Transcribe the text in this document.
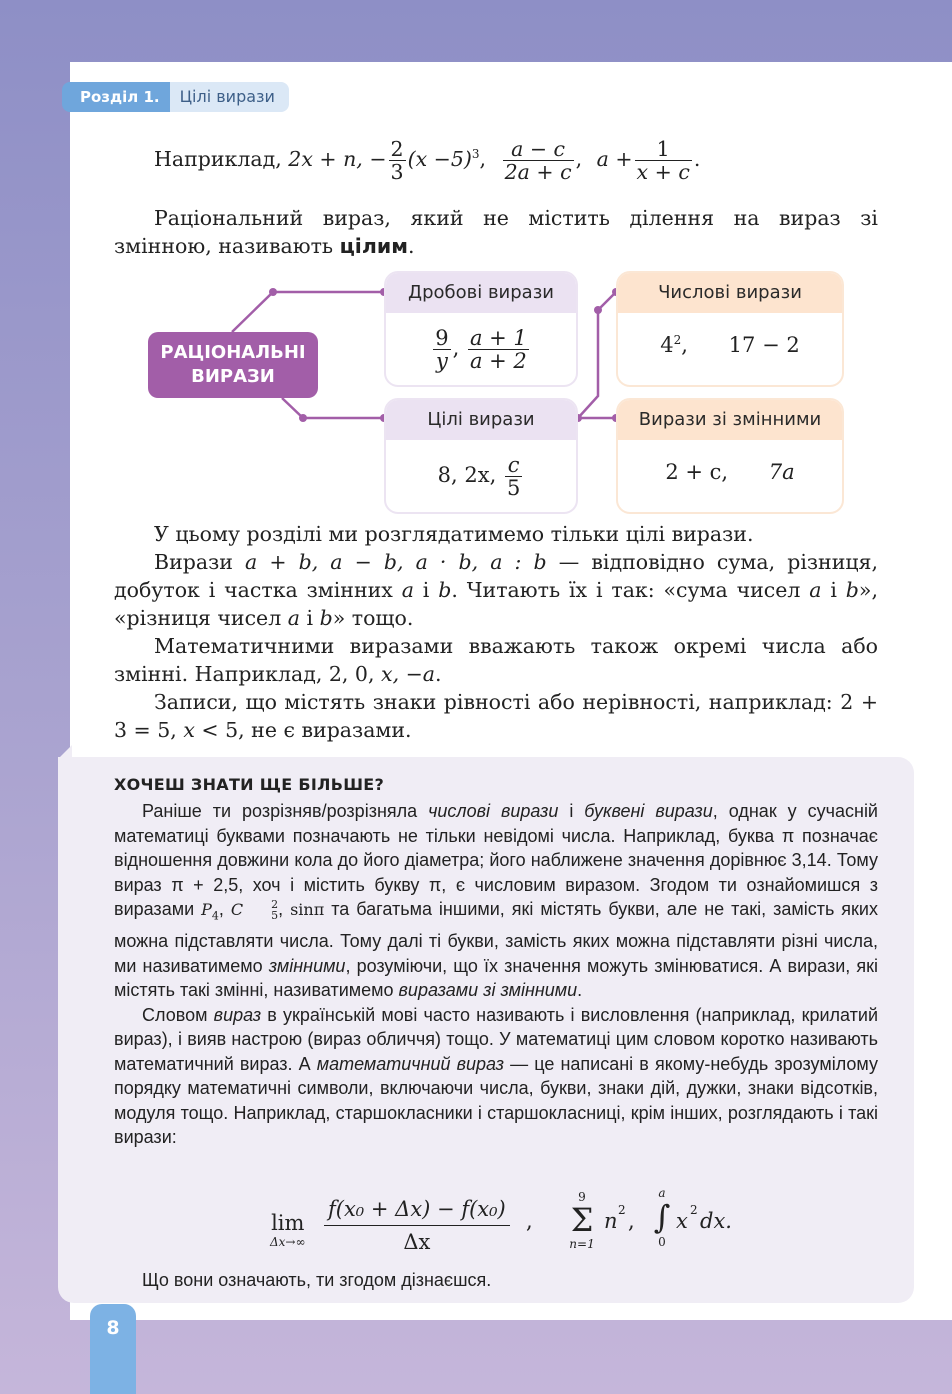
Розділ 1.	Цілі вирази
Наприклад, 2x + n, − $\frac{2}{3} (x -5)^3$, $\frac{a - c}{2a + c}$ , $a + \frac{1}{x + c}$ .

Раціональний вираз, який не містить ділення на вираз зі змінною, називають цілим.

РАЦІОНАЛЬНІ
ВИРАЗИ
Дробові вирази
$\frac{9}{y}$ , $\frac{a + 1}{a + 2}$
Цілі вирази
8, 2x, $\frac{c}{5}$
Числові вирази
$4^2$, 17 − 2
Вирази зі змінними
2 + c, 7a

У цьому розділі ми розглядатимемо тільки цілі вирази.

Вирази a + b, a − b, a · b, a : b — відповідно сума, різниця, добуток і частка змінних a і b. Читають їх і так: «сума чисел a і b», «різниця чисел a і b» тощо.

Математичними виразами вважають також окремі числа або змінні. Наприклад, 2, 0, x, −a.

Записи, що містять знаки рівності або нерівності, наприклад: 2 + 3 = 5, x < 5, не є виразами.

ХОЧЕШ ЗНАТИ ЩЕ БІЛЬШЕ?

Раніше ти розрізняв/розрізняла числові вирази і буквені вирази, однак у сучасній математиці буквами позначають не тільки невідомі числа. Наприклад, буква π позначає відношення довжини кола до його діаметра; його наближене значення дорівнює 3,14. Тому вираз π + 2,5, хоч і містить букву π, є числовим виразом. Згодом ти ознайомишся з виразами $P_4$, C	2
5 , sinπ та багатьма іншими, які містять букви, але не такі, замість яких можна підставляти числа. Тому далі ті букви, замість яких можна підставляти різні числа, ми називатимемо змінними, розуміючи, що їх значення можуть змінюватися. А вирази, які містять такі змінні, називатимемо виразами зі змінними.

Словом вираз в українській мові часто називають і висловлення (наприклад, крилатий вираз), і вияв настрою (вираз обличчя) тощо. У математиці цим словом коротко називають математичний вираз. А математичний вираз — це написані в якому-небудь зрозумілому порядку математичні символи, включаючи числа, букви, знаки дій, дужки, знаки відсотків, модуля тощо. Наприклад, старшокласники і старшокласниці, крім інших, розглядають і такі вирази:

lim
$\Delta x\to\infty \frac{\text{f(x₀ + Δx) − f(x₀)}}{\Delta x}$ ,
9
Σ
n=1
n 2 ,
a
∫
0
x 2 dx.
Що вони означають, ти згодом дізнаєшся.
8
